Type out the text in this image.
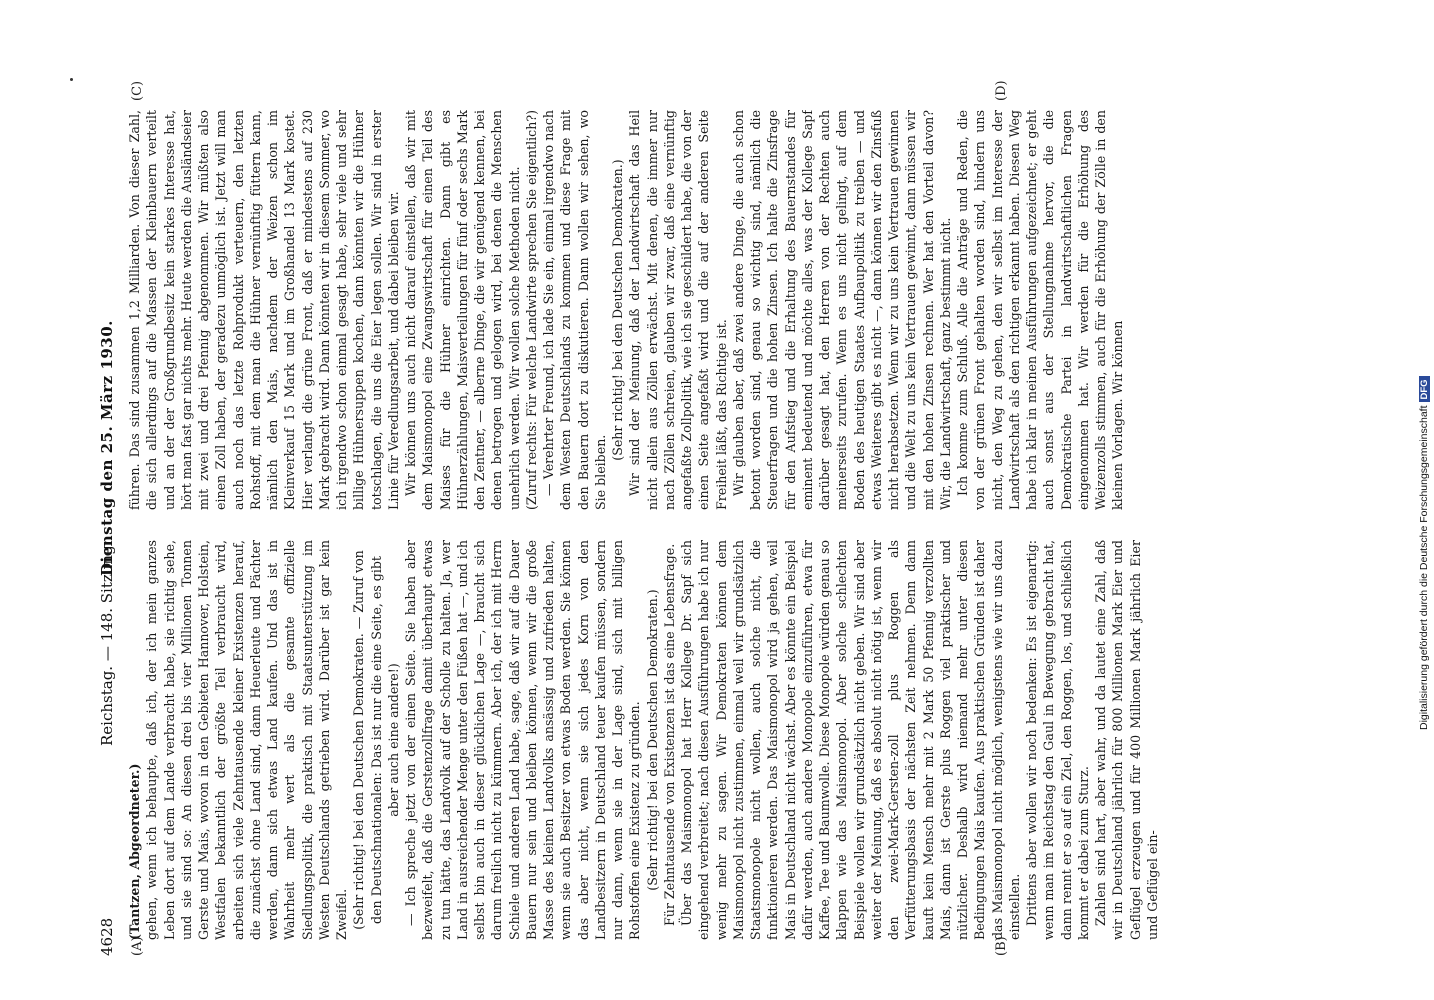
4628
Reichstag. — 148. Sitzung.
Dienstag den 25. März 1930.
(A)	(B)
(C)	(D)

(Tantzen, Abgeordneter.) gehen, wenn ich behaupte, daß ich, der ich mein ganzes Leben dort auf dem Lande verbracht habe, sie richtig sehe, und sie sind so: An diesen drei bis vier Millionen Tonnen Gerste und Mais, wovon in den Gebieten Hannover, Holstein, Westfalen bekanntlich der größte Teil verbraucht wird, arbeiten sich viele Zehntausende kleiner Existenzen herauf, die zunächst ohne Land sind, dann Heuerleute und Pächter werden, dann sich etwas Land kaufen. Und das ist in Wahrheit mehr wert als die gesamte offizielle Siedlungspolitik, die praktisch mit Staatsunterstützung im Westen Deutschlands getrieben wird. Darüber ist gar kein Zweifel. (Sehr richtig! bei den Deutschen Demokraten. — Zuruf von den Deutschnationalen: Das ist nur die eine Seite, es gibt aber auch eine andere!) — Ich spreche jetzt von der einen Seite. Sie haben aber bezweifelt, daß die Gerstenzollfrage damit überhaupt etwas zu tun hätte, das Landvolk auf der Scholle zu halten. Ja, wer Land in ausreichender Menge unter den Füßen hat —, und ich selbst bin auch in dieser glücklichen Lage —, braucht sich darum freilich nicht zu kümmern. Aber ich, der ich mit Herrn Schiele und anderen Land habe, sage, daß wir auf die Dauer Bauern nur sein und bleiben können, wenn wir die große Masse des kleinen Landvolks ansässig und zufrieden halten, wenn sie auch Besitzer von etwas Boden werden. Sie können das aber nicht, wenn sie sich jedes Korn von den Landbesitzern in Deutschland teuer kaufen müssen, sondern nur dann, wenn sie in der Lage sind, sich mit billigen Rohstoffen eine Existenz zu gründen. (Sehr richtig! bei den Deutschen Demokraten.) Für Zehntausende von Existenzen ist das eine Lebensfrage. Über das Maismonopol hat Herr Kollege Dr. Sapf sich eingehend verbreitet; nach diesen Ausführungen habe ich nur wenig mehr zu sagen. Wir Demokraten können dem Maismonopol nicht zustimmen, einmal weil wir grundsätzlich Staatsmonopole nicht wollen, auch solche nicht, die funktionieren werden. Das Maismonopol wird ja gehen, weil Mais in Deutschland nicht wächst. Aber es könnte ein Beispiel dafür werden, auch andere Monopole einzuführen, etwa für Kaffee, Tee und Baumwolle. Diese Monopole würden genau so klappen wie das Maismonopol. Aber solche schlechten Beispiele wollen wir grundsätzlich nicht geben. Wir sind aber weiter der Meinung, daß es absolut nicht nötig ist, wenn wir den zwei-Mark-Gersten-zoll plus Roggen als Verfütterungsbasis der nächsten Zeit nehmen. Denn dann kauft kein Mensch mehr mit 2 Mark 50 Pfennig verzollten Mais, dann ist Gerste plus Roggen viel praktischer und nützlicher. Deshalb wird niemand mehr unter diesen Bedingungen Mais kaufen. Aus praktischen Gründen ist daher das Maismonopol nicht möglich, wenigstens wie wir uns dazu einstellen. Drittens aber wollen wir noch bedenken: Es ist eigenartig: wenn man im Reichstag den Gaul in Bewegung gebracht hat, dann rennt er so auf ein Ziel, den Roggen, los, und schließlich kommt er dabei zum Sturz. Zahlen sind hart, aber wahr, und da lautet eine Zahl, daß wir in Deutschland jährlich für 800 Millionen Mark Eier und Geflügel erzeugen und für 400 Millionen Mark jährlich Eier und Geflügel ein-

führen. Das sind zusammen 1,2 Milliarden. Von dieser Zahl, die sich allerdings auf die Massen der Kleinbauern verteilt und an der der Großgrundbesitz kein starkes Interesse hat, hört man fast gar nichts mehr. Heute werden die Ausländseier mit zwei und drei Pfennig abgenommen. Wir müßten also einen Zoll haben, der geradezu unmöglich ist. Jetzt will man auch noch das letzte Rohprodukt verteuern, den letzten Rohstoff, mit dem man die Hühner vernünftig füttern kann, nämlich den Mais, nachdem der Weizen schon im Kleinverkauf 15 Mark und im Großhandel 13 Mark kostet. Hier verlangt die grüne Front, daß er mindestens auf 230 Mark gebracht wird. Dann könnten wir in diesem Sommer, wo ich irgendwo schon einmal gesagt habe, sehr viele und sehr billige Hühnersuppen kochen, dann könnten wir die Hühner totschlagen, die uns die Eier legen sollen. Wir sind in erster Linie für Veredlungsarbeit, und dabei bleiben wir. Wir können uns auch nicht darauf einstellen, daß wir mit dem Maismonopol eine Zwangswirtschaft für einen Teil des Maises für die Hühner einrichten. Dann gibt es Hühnerzählungen, Maisverteilungen für fünf oder sechs Mark den Zentner, — alberne Dinge, die wir genügend kennen, bei denen betrogen und gelogen wird, bei denen die Menschen unehrlich werden. Wir wollen solche Methoden nicht. (Zuruf rechts: Für welche Landwirte sprechen Sie eigentlich?) — Verehrter Freund, ich lade Sie ein, einmal irgendwo nach dem Westen Deutschlands zu kommen und diese Frage mit den Bauern dort zu diskutieren. Dann wollen wir sehen, wo Sie bleiben.

(Sehr richtig! bei den Deutschen Demokraten.) Wir sind der Meinung, daß der Landwirtschaft das Heil nicht allein aus Zöllen erwächst. Mit denen, die immer nur nach Zöllen schreien, glauben wir zwar, daß eine vernünftig angefaßte Zollpolitik, wie ich sie geschildert habe, die von der einen Seite angefaßt wird und die auf der anderen Seite Freiheit läßt, das Richtige ist. Wir glauben aber, daß zwei andere Dinge, die auch schon betont worden sind, genau so wichtig sind, nämlich die Steuerfragen und die hohen Zinsen. Ich halte die Zinsfrage für den Aufstieg und die Erhaltung des Bauernstandes für eminent bedeutend und möchte alles, was der Kollege Sapf darüber gesagt hat, den Herren von der Rechten auch meinerseits zurufen. Wenn es uns nicht gelingt, auf dem Boden des heutigen Staates Aufbaupolitik zu treiben — und etwas Weiteres gibt es nicht —, dann können wir den Zinsfuß nicht herabsetzen. Wenn wir zu uns kein Vertrauen gewinnen und die Welt zu uns kein Vertrauen gewinnt, dann müssen wir mit den hohen Zinsen rechnen. Wer hat den Vorteil davon? Wir, die Landwirtschaft, ganz bestimmt nicht. Ich komme zum Schluß. Alle die Anträge und Reden, die von der grünen Front gehalten worden sind, hindern uns nicht, den Weg zu gehen, den wir selbst im Interesse der Landwirtschaft als den richtigen erkannt haben. Diesen Weg habe ich klar in meinen Ausführungen aufgezeichnet; er geht auch sonst aus der Stellungnahme hervor, die die Demokratische Partei in landwirtschaftlichen Fragen eingenommen hat. Wir werden für die Erhöhung des Weizenzolls stimmen, auch für die Erhöhung der Zölle in den kleinen Vorlagen. Wir können	Digitalisierung gefördert durch die Deutsche ForschungsgemeinschaftDFG
